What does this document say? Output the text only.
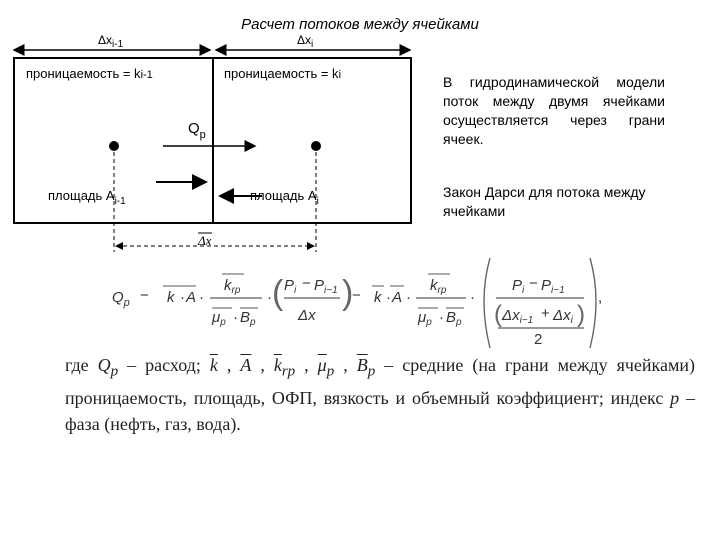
Расчет потоков между ячейками
$\Delta x_{i-1}$	$\Delta x_i$
проницаемость = ki-1	проницаемость = ki
$Q_p$
площадь $A_{i-1}$	площадь $A_i$
Δx
В гидродинамической модели поток между двумя ячейками осуществляется через грани ячеек.
Закон Дарси для потока между ячейками
$Q_p - k \cdot A$ ·
$k_{rp}$
$\mu_p \cdot B_p$
· ( $P_i - P_{i-1}$
Δx
)
− k · A ·
$k_{rp}$
$\mu_p \cdot B_p$
·
$P_i - P_{i-1}$
( $\Delta x_{i-1} + \Delta x_i$ )
2
,
где $Q_p$ – расход; $\overline{k}$ , $\overline{A}$ , $\overline{k}_{rp}$ , $\overline{\mu}_p$ , $\overline{B}_p$ – средние (на грани между ячейками) проницаемость, площадь, ОФП, вязкость и объемный коэффициент; индекс p – фаза (нефть, газ, вода).
